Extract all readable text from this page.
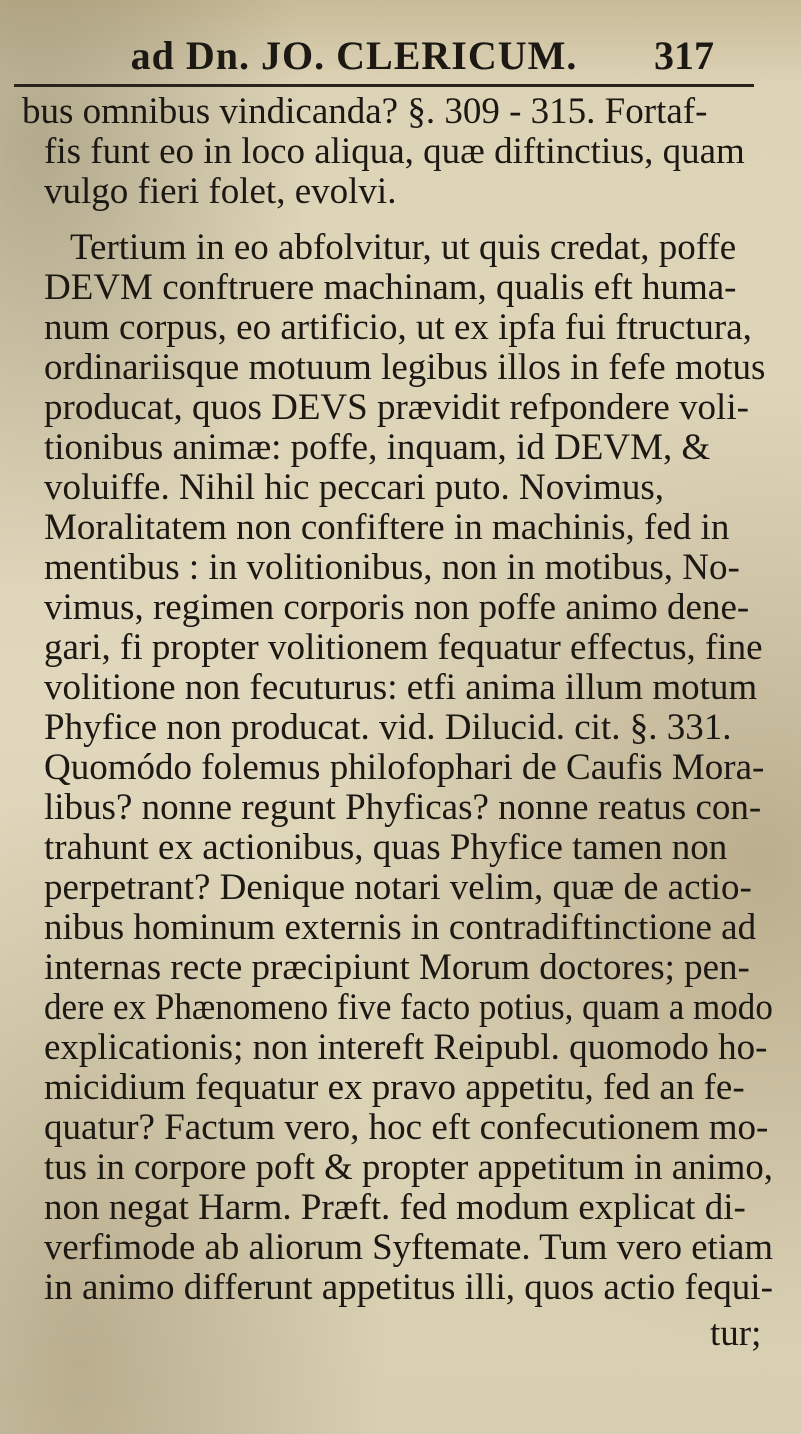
ad Dn. JO. CLERICUM.	317
bus omnibus vindicanda? §. 309 - 315. Fortaf-
fis funt eo in loco aliqua, quæ diftinctius, quam
vulgo fieri folet, evolvi.
Tertium in eo abfolvitur, ut quis credat, poffe
DEVM conftruere machinam, qualis eft huma-
num corpus, eo artificio, ut ex ipfa fui ftructura,
ordinariisque motuum legibus illos in fefe motus
producat, quos DEVS prævidit refpondere voli-
tionibus animæ: poffe, inquam, id DEVM, &
voluiffe. Nihil hic peccari puto. Novimus,
Moralitatem non confiftere in machinis, fed in
mentibus : in volitionibus, non in motibus, No-
vimus, regimen corporis non poffe animo dene-
gari, fi propter volitionem fequatur effectus, fine
volitione non fecuturus: etfi anima illum motum
Phyfice non producat. vid. Dilucid. cit. §. 331.
Quomódo folemus philofophari de Caufis Mora-
libus? nonne regunt Phyficas? nonne reatus con-
trahunt ex actionibus, quas Phyfice tamen non
perpetrant? Denique notari velim, quæ de actio-
nibus hominum externis in contradiftinctione ad
internas recte præcipiunt Morum doctores; pen-
dere ex Phænomeno five facto potius, quam a modo
explicationis; non intereft Reipubl. quomodo ho-
micidium fequatur ex pravo appetitu, fed an fe-
quatur? Factum vero, hoc eft confecutionem mo-
tus in corpore poft & propter appetitum in animo,
non negat Harm. Præft. fed modum explicat di-
verfimode ab aliorum Syftemate. Tum vero etiam
in animo differunt appetitus illi, quos actio fequi-
tur;
